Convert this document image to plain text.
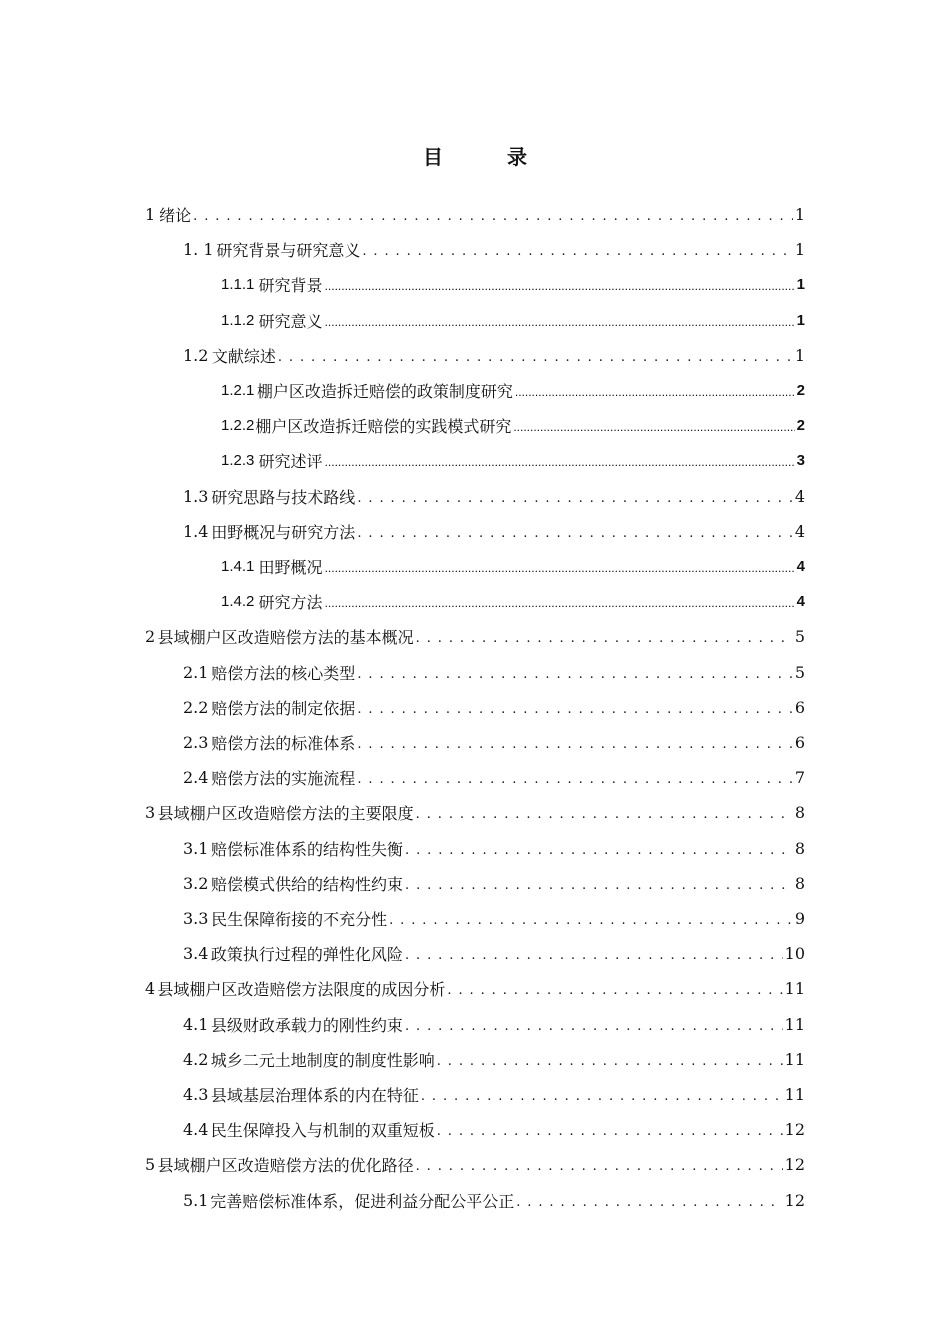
目　录
1 绪论 . . .	1
1. 1 研究背景与研究意义 . . .	1
1.1.1 研究背景 .....	1
1.1.2 研究意义 .....	1
1.2 文献综述 . . .	1
1.2.1 棚户区改造拆迁赔偿的政策制度研究 .....	2
1.2.2 棚户区改造拆迁赔偿的实践模式研究 .....	2
1.2.3 研究述评 .....	3
1.3 研究思路与技术路线 . . .	4
1.4 田野概况与研究方法 . . .	4
1.4.1 田野概况 .....	4
1.4.2 研究方法 .....	4
2 县域棚户区改造赔偿方法的基本概况 . . .	5
2.1 赔偿方法的核心类型 . . .	5
2.2 赔偿方法的制定依据 . . .	6
2.3 赔偿方法的标准体系 . . .	6
2.4 赔偿方法的实施流程 . . .	7
3 县域棚户区改造赔偿方法的主要限度 . . .	8
3.1 赔偿标准体系的结构性失衡 . . .	8
3.2 赔偿模式供给的结构性约束 . . .	8
3.3 民生保障衔接的不充分性 . . .	9
3.4 政策执行过程的弹性化风险 . . .	10
4 县域棚户区改造赔偿方法限度的成因分析 . . .	11
4.1 县级财政承载力的刚性约束 . . .	11
4.2 城乡二元土地制度的制度性影响 . . .	11
4.3 县域基层治理体系的内在特征 . . .	11
4.4 民生保障投入与机制的双重短板 . . .	12
5 县域棚户区改造赔偿方法的优化路径 . . .	12
5.1 完善赔偿标准体系，促进利益分配公平公正 . . .	12
